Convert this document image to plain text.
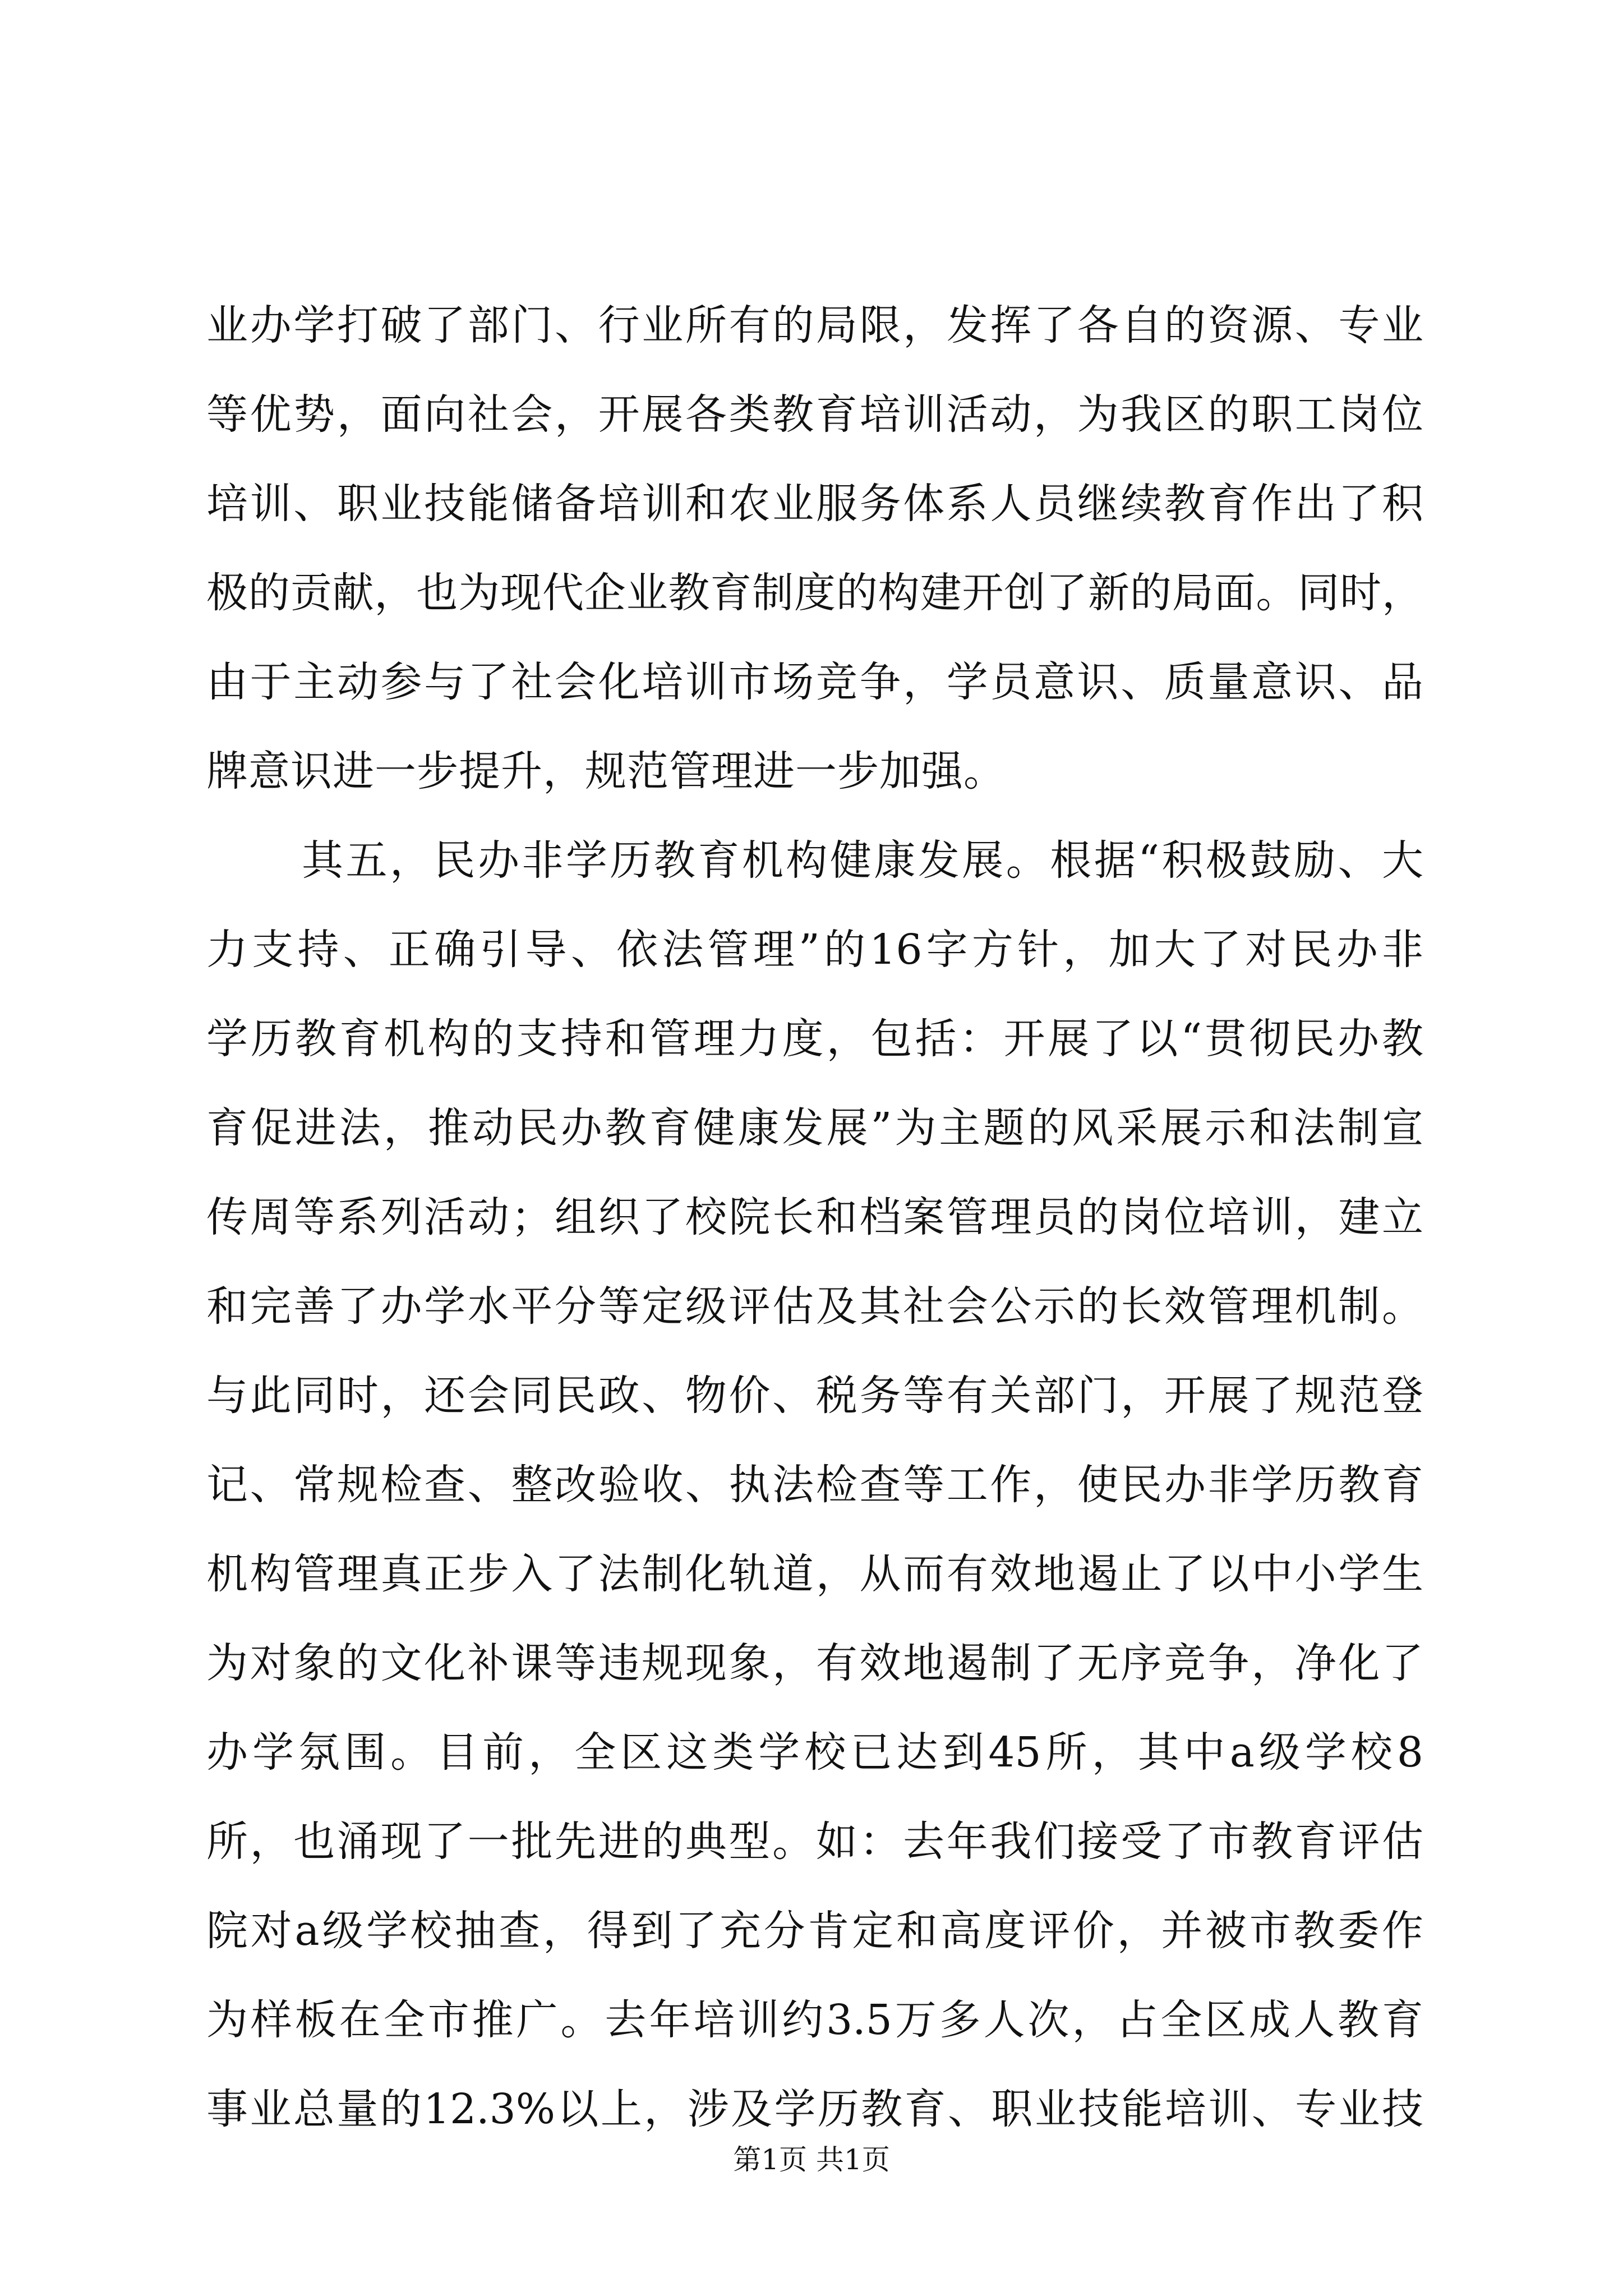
业办学打破了部门、行业所有的局限，发挥了各自的资源、专业
等优势，面向社会，开展各类教育培训活动，为我区的职工岗位
培训、职业技能储备培训和农业服务体系人员继续教育作出了积
极的贡献，也为现代企业教育制度的构建开创了新的局面。同时，
由于主动参与了社会化培训市场竞争，学员意识、质量意识、品
牌意识进一步提升，规范管理进一步加强。
其五，民办非学历教育机构健康发展。根据“积极鼓励、大
力支持、正确引导、依法管理”的16字方针，加大了对民办非
学历教育机构的支持和管理力度，包括：开展了以“贯彻民办教
育促进法，推动民办教育健康发展”为主题的风采展示和法制宣
传周等系列活动；组织了校院长和档案管理员的岗位培训，建立
和完善了办学水平分等定级评估及其社会公示的长效管理机制。
与此同时，还会同民政、物价、税务等有关部门，开展了规范登
记、常规检查、整改验收、执法检查等工作，使民办非学历教育
机构管理真正步入了法制化轨道，从而有效地遏止了以中小学生
为对象的文化补课等违规现象，有效地遏制了无序竞争，净化了
办学氛围。目前，全区这类学校已达到45所，其中a级学校8
所，也涌现了一批先进的典型。如：去年我们接受了市教育评估
院对a级学校抽查，得到了充分肯定和高度评价，并被市教委作
为样板在全市推广。去年培训约3.5万多人次，占全区成人教育
事业总量的12.3%以上，涉及学历教育、职业技能培训、专业技
第1页 共1页
